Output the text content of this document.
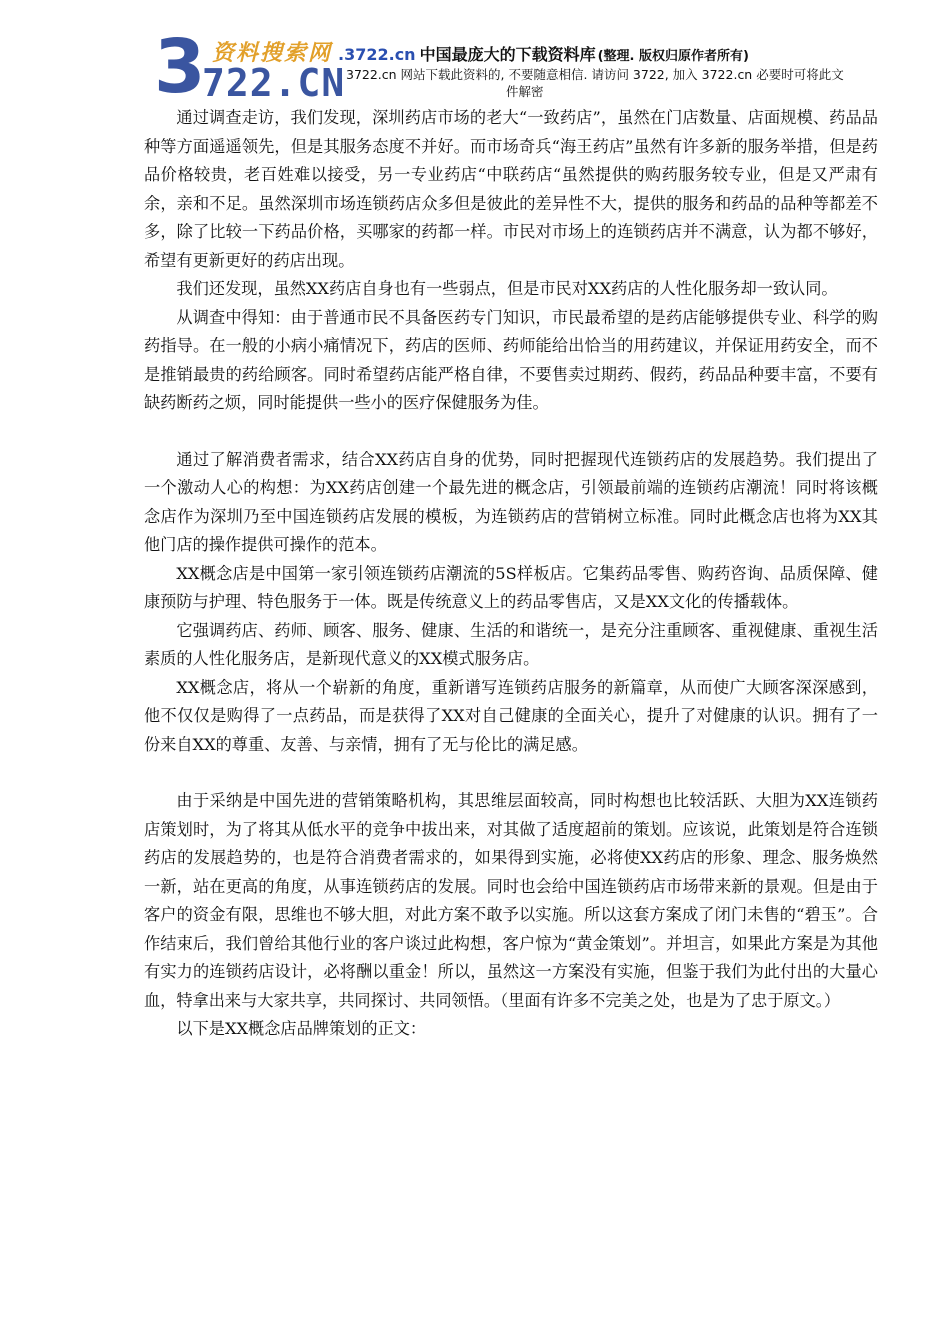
3 资料搜索网
722.CN
.3722.cn 中国最庞大的下载资料库 (整理. 版权归原作者所有)
3722.cn 网站下载此资料的, 不要随意相信. 请访问 3722, 加入 3722.cn 必要时可将此文
件解密

通过调查走访，我们发现，深圳药店市场的老大“一致药店”，虽然在门店数量、店面规模、药品品种等方面遥遥领先，但是其服务态度不并好。而市场奇兵“海王药店”虽然有许多新的服务举措，但是药品价格较贵，老百姓难以接受，另一专业药店“中联药店“虽然提供的购药服务较专业，但是又严肃有余，亲和不足。虽然深圳市场连锁药店众多但是彼此的差异性不大，提供的服务和药品的品种等都差不多，除了比较一下药品价格，买哪家的药都一样。市民对市场上的连锁药店并不满意，认为都不够好，希望有更新更好的药店出现。

我们还发现，虽然XX药店自身也有一些弱点，但是市民对XX药店的人性化服务却一致认同。

从调查中得知：由于普通市民不具备医药专门知识，市民最希望的是药店能够提供专业、科学的购药指导。在一般的小病小痛情况下，药店的医师、药师能给出恰当的用药建议，并保证用药安全，而不是推销最贵的药给顾客。同时希望药店能严格自律，不要售卖过期药、假药，药品品种要丰富，不要有缺药断药之烦，同时能提供一些小的医疗保健服务为佳。

通过了解消费者需求，结合XX药店自身的优势，同时把握现代连锁药店的发展趋势。我们提出了一个激动人心的构想：为XX药店创建一个最先进的概念店，引领最前端的连锁药店潮流！同时将该概念店作为深圳乃至中国连锁药店发展的模板，为连锁药店的营销树立标准。同时此概念店也将为XX其他门店的操作提供可操作的范本。

XX概念店是中国第一家引领连锁药店潮流的5S样板店。它集药品零售、购药咨询、品质保障、健康预防与护理、特色服务于一体。既是传统意义上的药品零售店，又是XX文化的传播载体。

它强调药店、药师、顾客、服务、健康、生活的和谐统一，是充分注重顾客、重视健康、重视生活素质的人性化服务店，是新现代意义的XX模式服务店。

XX概念店，将从一个崭新的角度，重新谱写连锁药店服务的新篇章，从而使广大顾客深深感到，他不仅仅是购得了一点药品，而是获得了XX对自己健康的全面关心，提升了对健康的认识。拥有了一份来自XX的尊重、友善、与亲情，拥有了无与伦比的满足感。

由于采纳是中国先进的营销策略机构，其思维层面较高，同时构想也比较活跃、大胆为XX连锁药店策划时，为了将其从低水平的竞争中拔出来，对其做了适度超前的策划。应该说，此策划是符合连锁药店的发展趋势的，也是符合消费者需求的，如果得到实施，必将使XX药店的形象、理念、服务焕然一新，站在更高的角度，从事连锁药店的发展。同时也会给中国连锁药店市场带来新的景观。但是由于客户的资金有限，思维也不够大胆，对此方案不敢予以实施。所以这套方案成了闭门未售的“碧玉”。合作结束后，我们曾给其他行业的客户谈过此构想，客户惊为“黄金策划”。并坦言，如果此方案是为其他有实力的连锁药店设计，必将酬以重金！所以，虽然这一方案没有实施，但鉴于我们为此付出的大量心血，特拿出来与大家共享，共同探讨、共同领悟。（里面有许多不完美之处，也是为了忠于原文。）

以下是XX概念店品牌策划的正文：
